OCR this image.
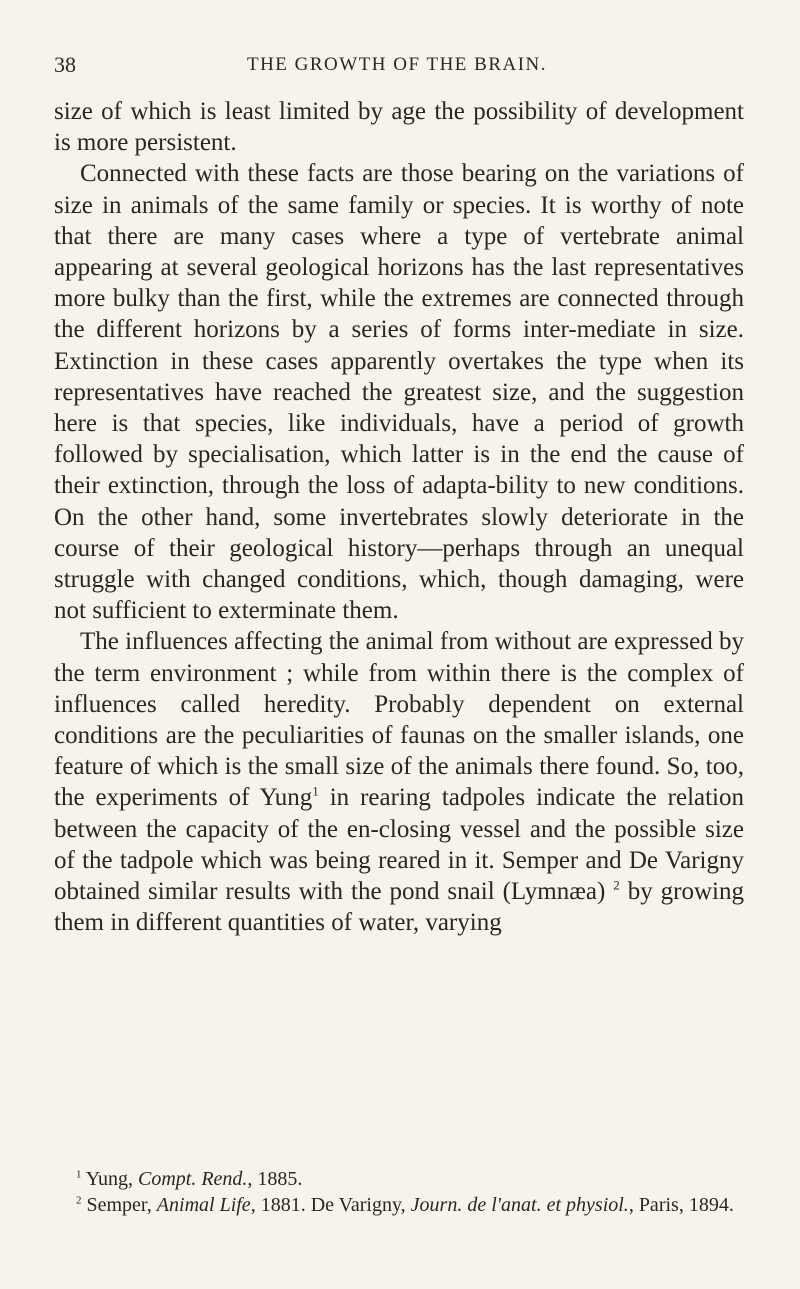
38	THE GROWTH OF THE BRAIN.

size of which is least limited by age the possibility of development is more persistent.

Connected with these facts are those bearing on the variations of size in animals of the same family or species. It is worthy of note that there are many cases where a type of vertebrate animal appearing at several geological horizons has the last representatives more bulky than the first, while the extremes are connected through the different horizons by a series of forms inter-mediate in size. Extinction in these cases apparently overtakes the type when its representatives have reached the greatest size, and the suggestion here is that species, like individuals, have a period of growth followed by specialisation, which latter is in the end the cause of their extinction, through the loss of adapta-bility to new conditions. On the other hand, some invertebrates slowly deteriorate in the course of their geological history—perhaps through an unequal struggle with changed conditions, which, though damaging, were not sufficient to exterminate them.

The influences affecting the animal from without are expressed by the term environment ; while from within there is the complex of influences called heredity. Probably dependent on external conditions are the peculiarities of faunas on the smaller islands, one feature of which is the small size of the animals there found. So, too, the experiments of Yung$^1$ in rearing tadpoles indicate the relation between the capacity of the en-closing vessel and the possible size of the tadpole which was being reared in it. Semper and De Varigny obtained similar results with the pond snail (Lymnæa) $^2$ by growing them in different quantities of water, varying

$^1$ Yung, Compt. Rend., 1885.

$^2$ Semper, Animal Life, 1881. De Varigny, Journ. de l'anat. et physiol., Paris, 1894.
